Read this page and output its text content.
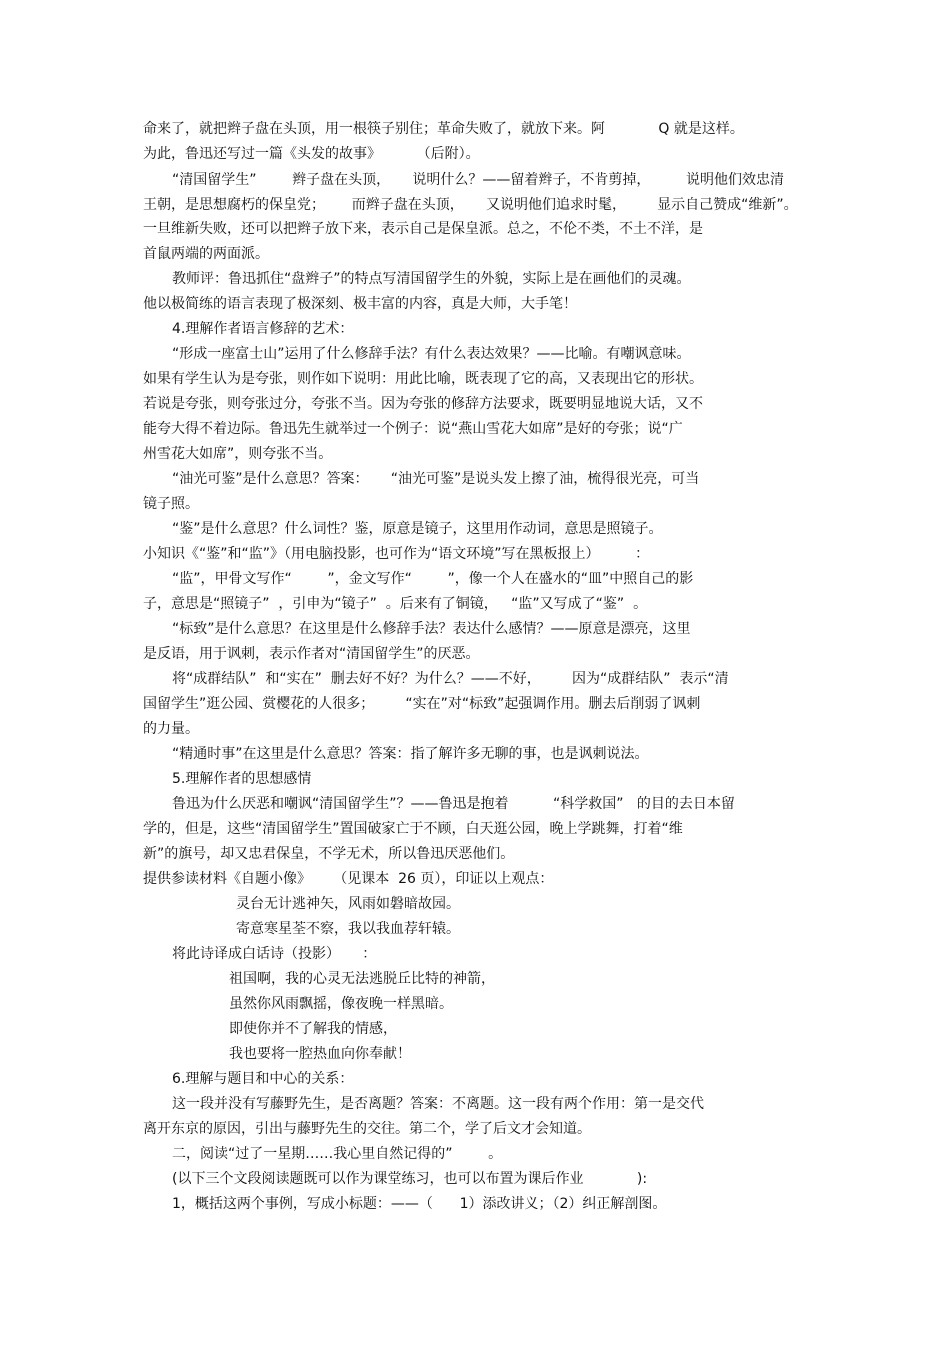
命来了，就把辫子盘在头顶，用一根筷子别住；革命失败了，就放下来。阿            Q 就是这样。
为此，鲁迅还写过一篇《头发的故事》        （后附）。
“清国留学生”        辫子盘在头顶，     说明什么？——留着辫子，不肯剪掉，        说明他们效忠清
王朝，是思想腐朽的保皇党；      而辫子盘在头顶，     又说明他们追求时髦，       显示自己赞成“维新”。
一旦维新失败，还可以把辫子放下来，表示自己是保皇派。总之，不伦不类，不土不洋，是
首鼠两端的两面派。
教师评：鲁迅抓住“盘辫子”的特点写清国留学生的外貌，实际上是在画他们的灵魂。
他以极简练的语言表现了极深刻、极丰富的内容，真是大师，大手笔！
4.理解作者语言修辞的艺术：
“形成一座富士山”运用了什么修辞手法？有什么表达效果？——比喻。有嘲讽意味。
如果有学生认为是夸张，则作如下说明：用此比喻，既表现了它的高，又表现出它的形状。
若说是夸张，则夸张过分，夸张不当。因为夸张的修辞方法要求，既要明显地说大话，又不
能夸大得不着边际。鲁迅先生就举过一个例子：说“燕山雪花大如席”是好的夸张；说“广
州雪花大如席”，则夸张不当。
“油光可鉴”是什么意思？答案：     “油光可鉴”是说头发上擦了油，梳得很光亮，可当
镜子照。
“鉴”是什么意思？什么词性？鉴，原意是镜子，这里用作动词，意思是照镜子。
小知识《“鉴”和“监”》（用电脑投影，也可作为“语文环境”写在黑板报上）        ：
“监”，甲骨文写作“        ”，金文写作“        ”，像一个人在盛水的“皿”中照自己的影
子，意思是“照镜子”  ，引申为“镜子”  。后来有了铜镜，   “监”又写成了“鉴”  。
“标致”是什么意思？在这里是什么修辞手法？表达什么感情？——原意是漂亮，这里
是反语，用于讽刺，表示作者对“清国留学生”的厌恶。
将“成群结队”  和“实在”  删去好不好？为什么？——不好，       因为“成群结队”  表示“清
国留学生”逛公园、赏樱花的人很多；       “实在”对“标致”起强调作用。删去后削弱了讽刺
的力量。
“精通时事”在这里是什么意思？答案：指了解许多无聊的事，也是讽刺说法。
5.理解作者的思想感情
鲁迅为什么厌恶和嘲讽“清国留学生”？——鲁迅是抱着          “科学救国”   的目的去日本留
学的，但是，这些“清国留学生”置国破家亡于不顾，白天逛公园，晚上学跳舞，打着“维
新”的旗号，却又忠君保皇，不学无术，所以鲁迅厌恶他们。
提供参读材料《自题小像》     （见课本  26 页），印证以上观点：
灵台无计逃神矢，风雨如磐暗故园。
寄意寒星荃不察，我以我血荐轩辕。
将此诗译成白话诗（投影）     ：
祖国啊，我的心灵无法逃脱丘比特的神箭，
虽然你风雨飘摇，像夜晚一样黑暗。
即使你并不了解我的情感，
我也要将一腔热血向你奉献！
6.理解与题目和中心的关系：
这一段并没有写藤野先生，是否离题？答案：不离题。这一段有两个作用：第一是交代
离开东京的原因，引出与藤野先生的交往。第二个，学了后文才会知道。
二，阅读“过了一星期……我心里自然记得的”        。
(以下三个文段阅读题既可以作为课堂练习，也可以布置为课后作业            ):
1，概括这两个事例，写成小标题：——（      1）添改讲义；（2）纠正解剖图。
